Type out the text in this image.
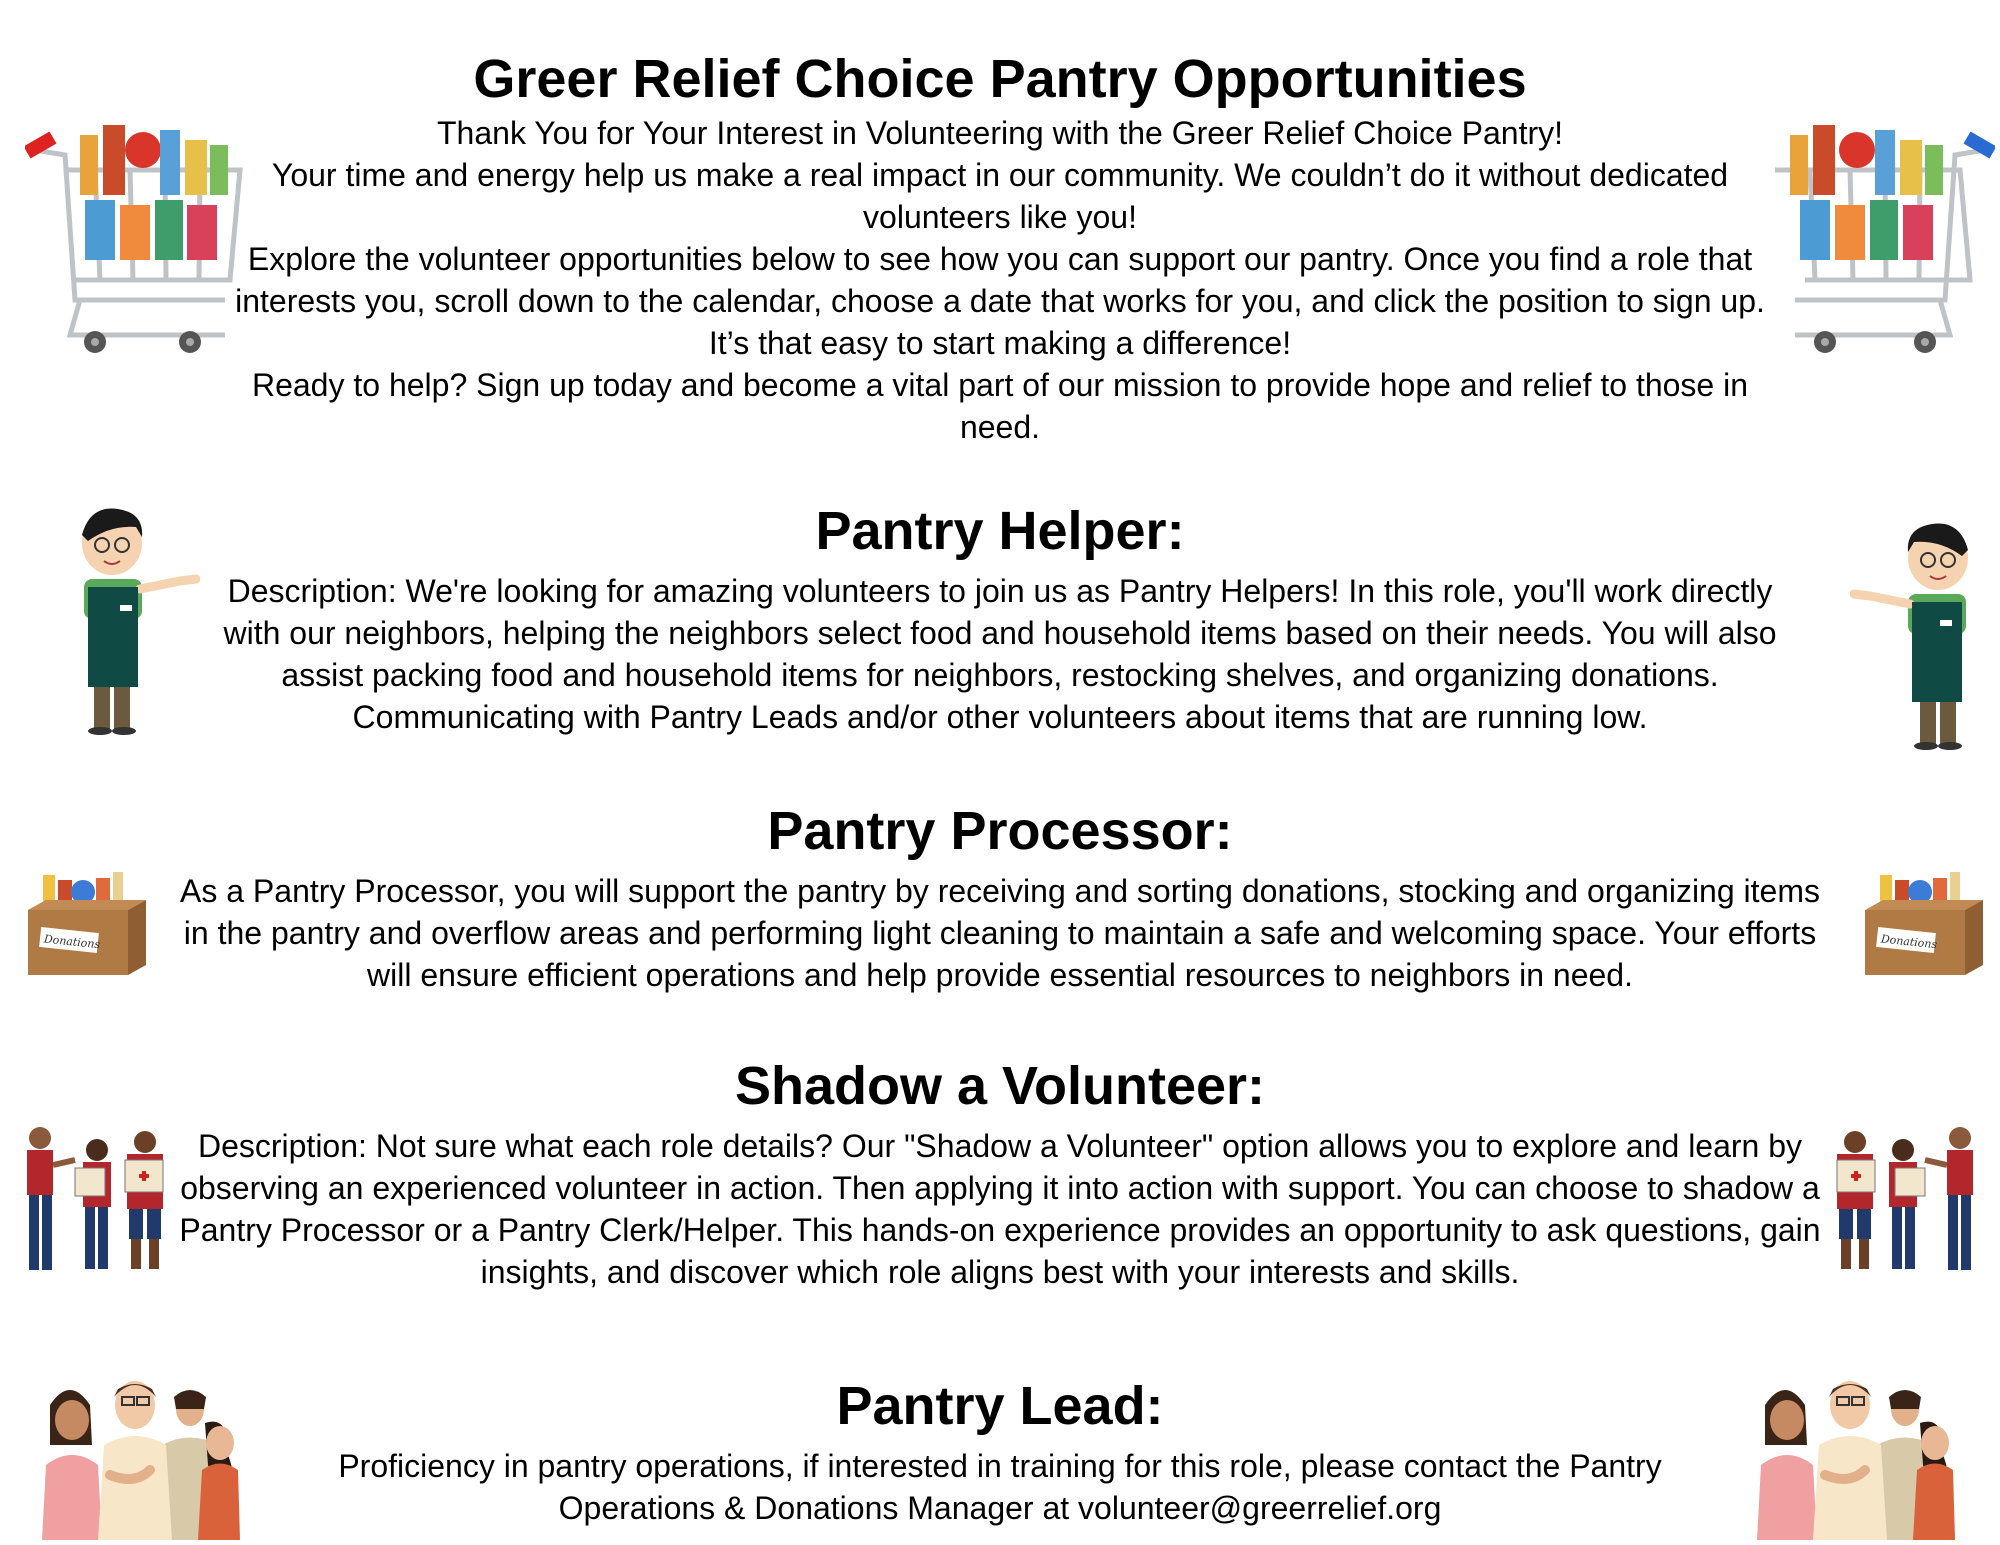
Greer Relief Choice Pantry Opportunities

Thank You for Your Interest in Volunteering with the Greer Relief Choice Pantry!

Your time and energy help us make a real impact in our community. We couldn’t do it without dedicated volunteers like you!

Explore the volunteer opportunities below to see how you can support our pantry. Once you find a role that interests you, scroll down to the calendar, choose a date that works for you, and click the position to sign up. It’s that easy to start making a difference!

Ready to help? Sign up today and become a vital part of our mission to provide hope and relief to those in need.

Pantry Helper:

Description: We're looking for amazing volunteers to join us as Pantry Helpers! In this role, you'll work directly with our neighbors, helping the neighbors select food and household items based on their needs. You will also assist packing food and household items for neighbors, restocking shelves, and organizing donations. Communicating with Pantry Leads and/or other volunteers about items that are running low.

Pantry Processor:

As a Pantry Processor, you will support the pantry by receiving and sorting donations, stocking and organizing items in the pantry and overflow areas and performing light cleaning to maintain a safe and welcoming space. Your efforts will ensure efficient operations and help provide essential resources to neighbors in need.

Donations	Donations
Shadow a Volunteer:

Description: Not sure what each role details? Our "Shadow a Volunteer" option allows you to explore and learn by observing an experienced volunteer in action. Then applying it into action with support. You can choose to shadow a Pantry Processor or a Pantry Clerk/Helper. This hands-on experience provides an opportunity to ask questions, gain insights, and discover which role aligns best with your interests and skills.

Pantry Lead:

Proficiency in pantry operations, if interested in training for this role, please contact the Pantry Operations & Donations Manager at volunteer@greerrelief.org
